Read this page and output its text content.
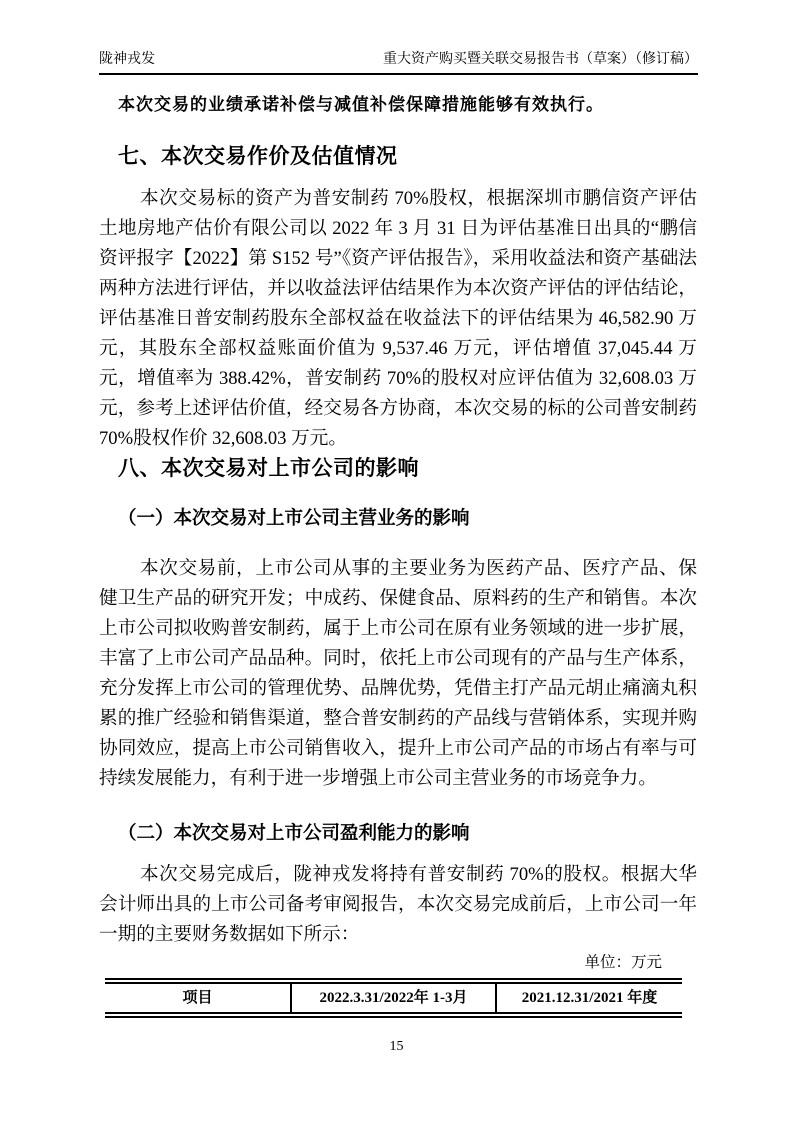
陇神戎发	重大资产购买暨关联交易报告书（草案）（修订稿）
本次交易的业绩承诺补偿与减值补偿保障措施能够有效执行。
七、本次交易作价及估值情况
本次交易标的资产为普安制药 70%股权，根据深圳市鹏信资产评估土地房地产估价有限公司以 2022 年 3 月 31 日为评估基准日出具的“鹏信资评报字【2022】第 S152 号”《资产评估报告》，采用收益法和资产基础法两种方法进行评估，并以收益法评估结果作为本次资产评估的评估结论，评估基准日普安制药股东全部权益在收益法下的评估结果为 46,582.90 万元，其股东全部权益账面价值为 9,537.46 万元，评估增值 37,045.44 万元，增值率为 388.42%，普安制药 70%的股权对应评估值为 32,608.03 万元，参考上述评估价值，经交易各方协商，本次交易的标的公司普安制药 70%股权作价 32,608.03 万元。
八、本次交易对上市公司的影响
（一）本次交易对上市公司主营业务的影响
本次交易前，上市公司从事的主要业务为医药产品、医疗产品、保健卫生产品的研究开发；中成药、保健食品、原料药的生产和销售。本次上市公司拟收购普安制药，属于上市公司在原有业务领域的进一步扩展，丰富了上市公司产品品种。同时，依托上市公司现有的产品与生产体系，充分发挥上市公司的管理优势、品牌优势，凭借主打产品元胡止痛滴丸积累的推广经验和销售渠道，整合普安制药的产品线与营销体系，实现并购协同效应，提高上市公司销售收入，提升上市公司产品的市场占有率与可持续发展能力，有利于进一步增强上市公司主营业务的市场竞争力。
（二）本次交易对上市公司盈利能力的影响
本次交易完成后，陇神戎发将持有普安制药 70%的股权。根据大华会计师出具的上市公司备考审阅报告，本次交易完成前后，上市公司一年一期的主要财务数据如下所示：
单位：万元
项目	2022.3.31/2022年 1-3月	2021.12.31/2021 年度
15
